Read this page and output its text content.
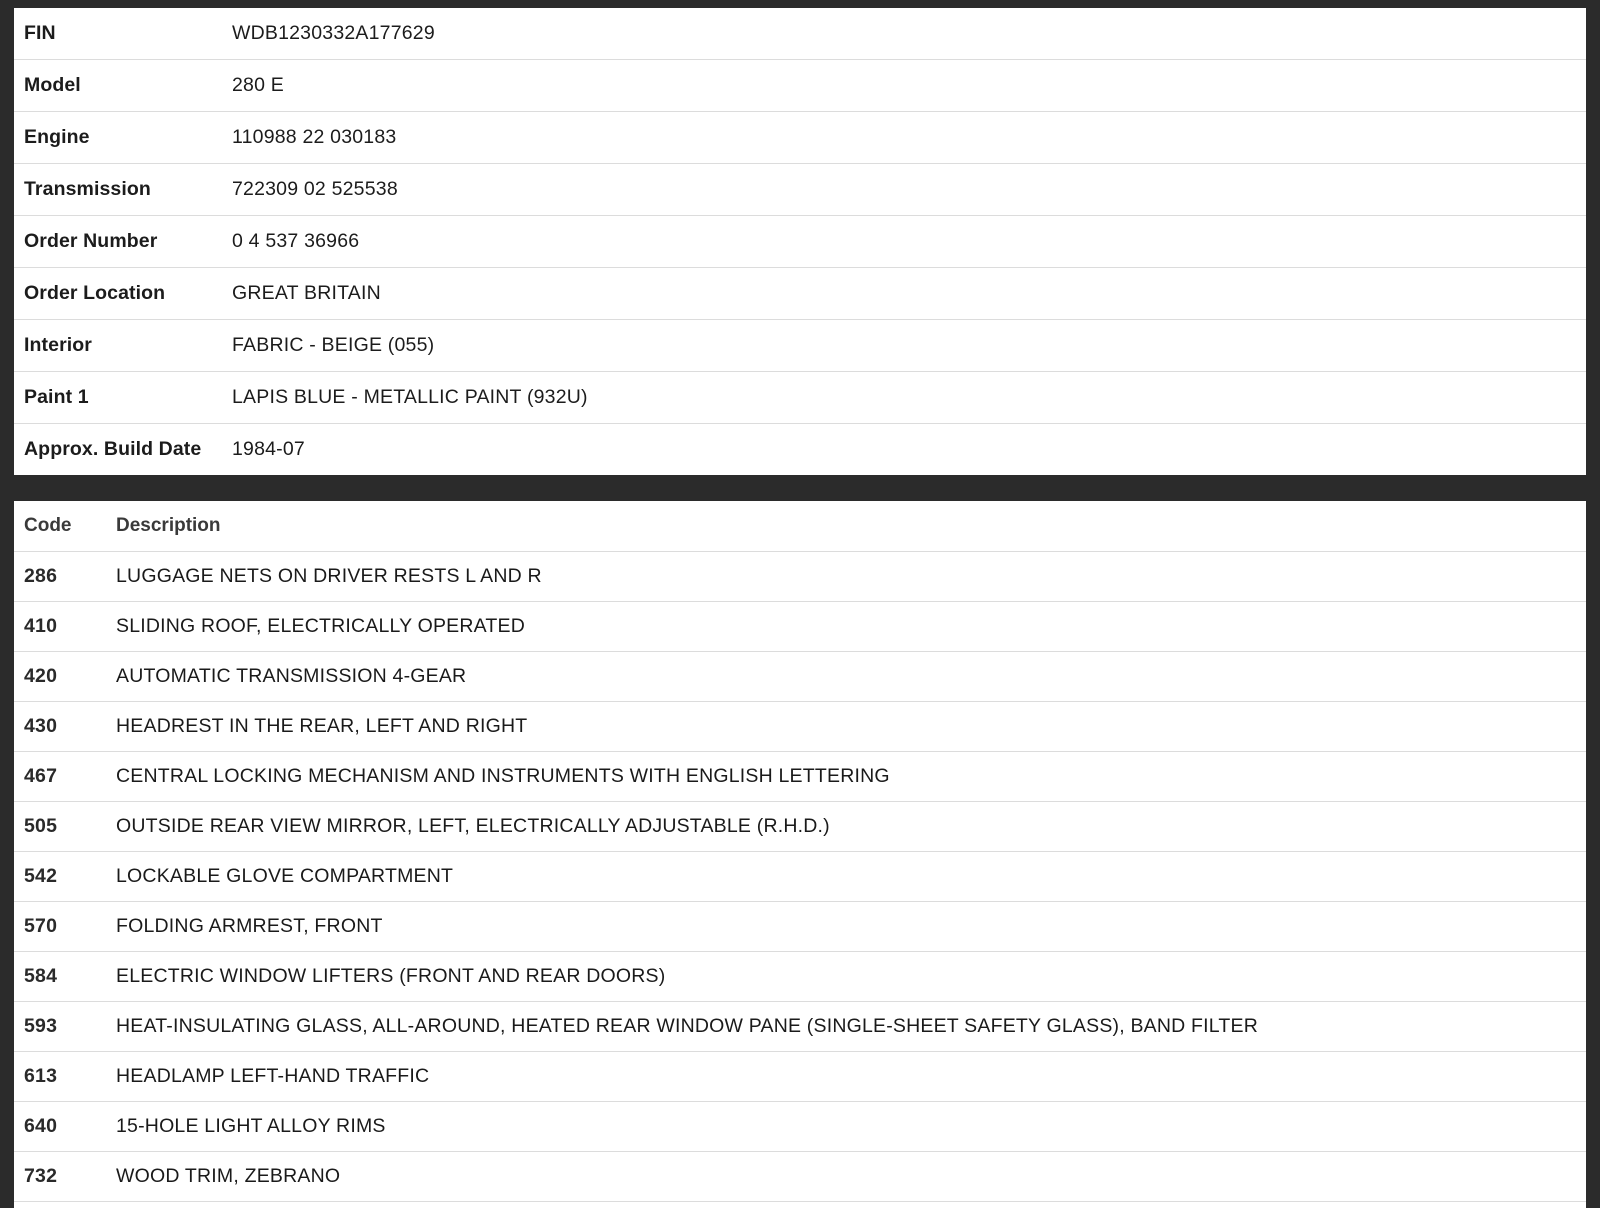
FIN	WDB1230332A177629
Model	280 E
Engine	110988 22 030183
Transmission	722309 02 525538
Order Number	0 4 537 36966
Order Location	GREAT BRITAIN
Interior	FABRIC - BEIGE (055)
Paint 1	LAPIS BLUE - METALLIC PAINT (932U)
Approx. Build Date	1984-07
Code	Description
286	LUGGAGE NETS ON DRIVER RESTS L AND R
410	SLIDING ROOF, ELECTRICALLY OPERATED
420	AUTOMATIC TRANSMISSION 4-GEAR
430	HEADREST IN THE REAR, LEFT AND RIGHT
467	CENTRAL LOCKING MECHANISM AND INSTRUMENTS WITH ENGLISH LETTERING
505	OUTSIDE REAR VIEW MIRROR, LEFT, ELECTRICALLY ADJUSTABLE (R.H.D.)
542	LOCKABLE GLOVE COMPARTMENT
570	FOLDING ARMREST, FRONT
584	ELECTRIC WINDOW LIFTERS (FRONT AND REAR DOORS)
593	HEAT-INSULATING GLASS, ALL-AROUND, HEATED REAR WINDOW PANE (SINGLE-SHEET SAFETY GLASS), BAND FILTER
613	HEADLAMP LEFT-HAND TRAFFIC
640	15-HOLE LIGHT ALLOY RIMS
732	WOOD TRIM, ZEBRANO
